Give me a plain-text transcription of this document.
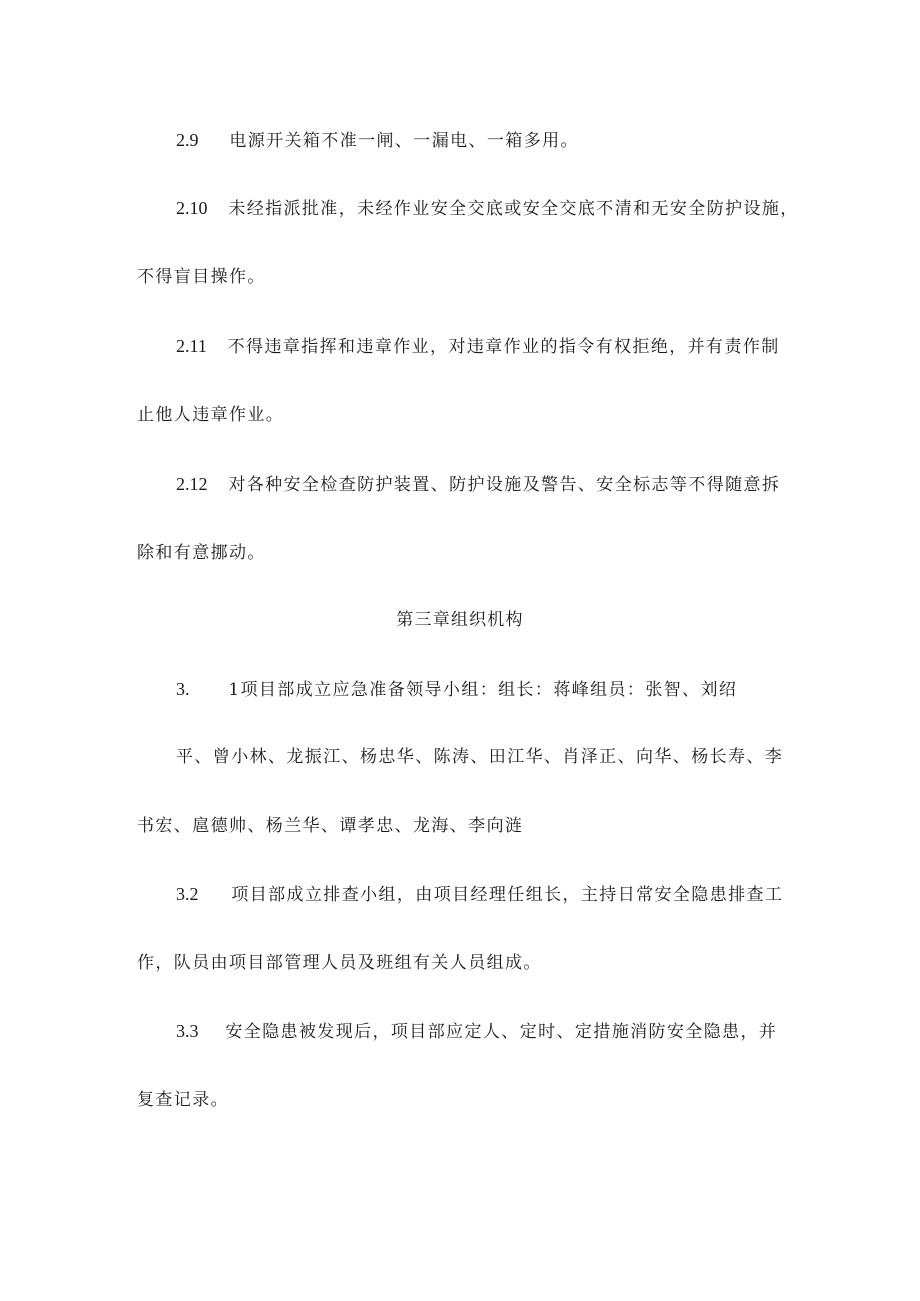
2.9 电源开关箱不准一闸、一漏电、一箱多用。
2.10 未经指派批准，未经作业安全交底或安全交底不清和无安全防护设施，
不得盲目操作。
2.11 不得违章指挥和违章作业，对违章作业的指令有权拒绝，并有责作制
止他人违章作业。
2.12 对各种安全检查防护装置、防护设施及警告、安全标志等不得随意拆
除和有意挪动。
第三章组织机构
3. 1项目部成立应急准备领导小组：组长：蒋峰组员：张智、刘绍
平、曾小林、龙振江、杨忠华、陈涛、田江华、肖泽正、向华、杨长寿、李
书宏、扈德帅、杨兰华、谭孝忠、龙海、李向涟
3.2 项目部成立排查小组，由项目经理任组长，主持日常安全隐患排查工
作，队员由项目部管理人员及班组有关人员组成。
3.3 安全隐患被发现后，项目部应定人、定时、定措施消防安全隐患，并
复查记录。
